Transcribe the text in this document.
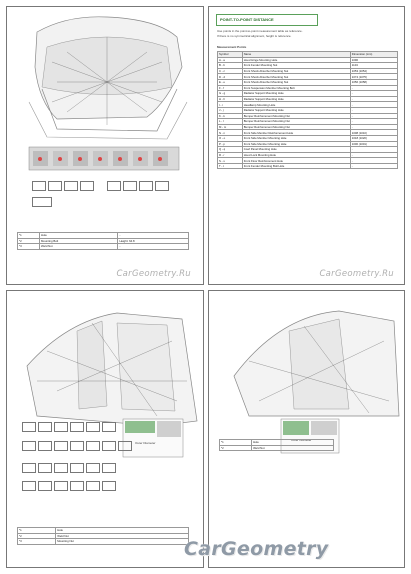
*1	Hole	-
*2	Mounting Bolt	Height: 64.8
*3	Weld Nut	-
CarGeometry.Ru
POINT-TO-POINT DISTANCE
Use points in the point-to-point measurement table as reference.
If there is no symmetrical alignment, height is reference.
Measurement Points
Symbol	Name	Dimension (mm)
A - a	Hood Hinge Mounting Hole	1090
B - b	Front Fender Mounting Nut	1104
C - c	Front Shock Absorber Mounting Nut	1053 (1054)
D - d	Front Shock Absorber Mounting Nut	1074 (1075)
E - e	Front Shock Absorber Mounting Nut	1056 (1058)
F - f	Front Suspension Member Mounting Bolt	-
G - g	Radiator Support Mounting Hole	-
H - h	Radiator Support Mounting Hole	-
I - i	Headlamp Mounting Hole	-
J - j	Radiator Support Mounting Hole	-
K - k	Bumper Reinforcement Mounting Nut	-
L - l	Bumper Reinforcement Mounting Nut	-
M - m	Bumper Reinforcement Mounting Nut	-
N - n	Front Side Member Reinforcement Hole	1008 (1010)
O - o	Front Side Member Mounting Hole	1018 (1020)
P - p	Front Side Member Mounting Hole	1000 (1001)
Q - q	Cowl Panel Mounting Hole	-
R - r	Hood Lock Mounting Hole	-
S - s	Front Floor Reinforcement Hole	-
T - t	Front Fender Mounting Bolt Hole	-
CarGeometry.Ru
Outer Diameter
*1	Hole
*2	Weld Nut
*3	Mounting Nut
Outer Diameter
*1	Hole
*2	Weld Nut
CarGeometry
